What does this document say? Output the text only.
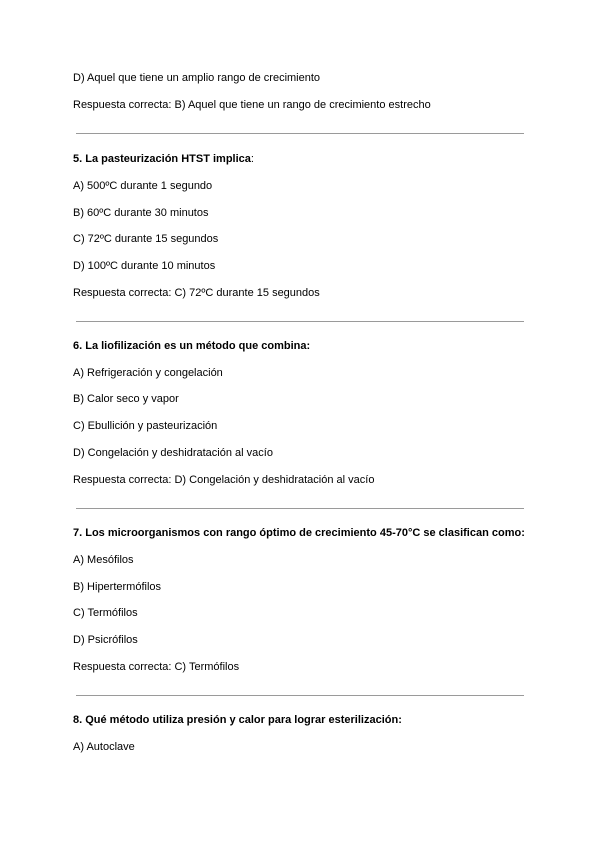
D) Aquel que tiene un amplio rango de crecimiento
Respuesta correcta: B) Aquel que tiene un rango de crecimiento estrecho
5. La pasteurización HTST implica:
A) 500ºC durante 1 segundo
B) 60ºC durante 30 minutos
C) 72ºC durante 15 segundos
D) 100ºC durante 10 minutos
Respuesta correcta: C) 72ºC durante 15 segundos
6. La liofilización es un método que combina:
A) Refrigeración y congelación
B) Calor seco y vapor
C) Ebullición y pasteurización
D) Congelación y deshidratación al vacío
Respuesta correcta: D) Congelación y deshidratación al vacío
7. Los microorganismos con rango óptimo de crecimiento 45-70°C se clasifican como:
A) Mesófilos
B) Hipertermófilos
C) Termófilos
D) Psicrófilos
Respuesta correcta: C) Termófilos
8. Qué método utiliza presión y calor para lograr esterilización:
A) Autoclave
